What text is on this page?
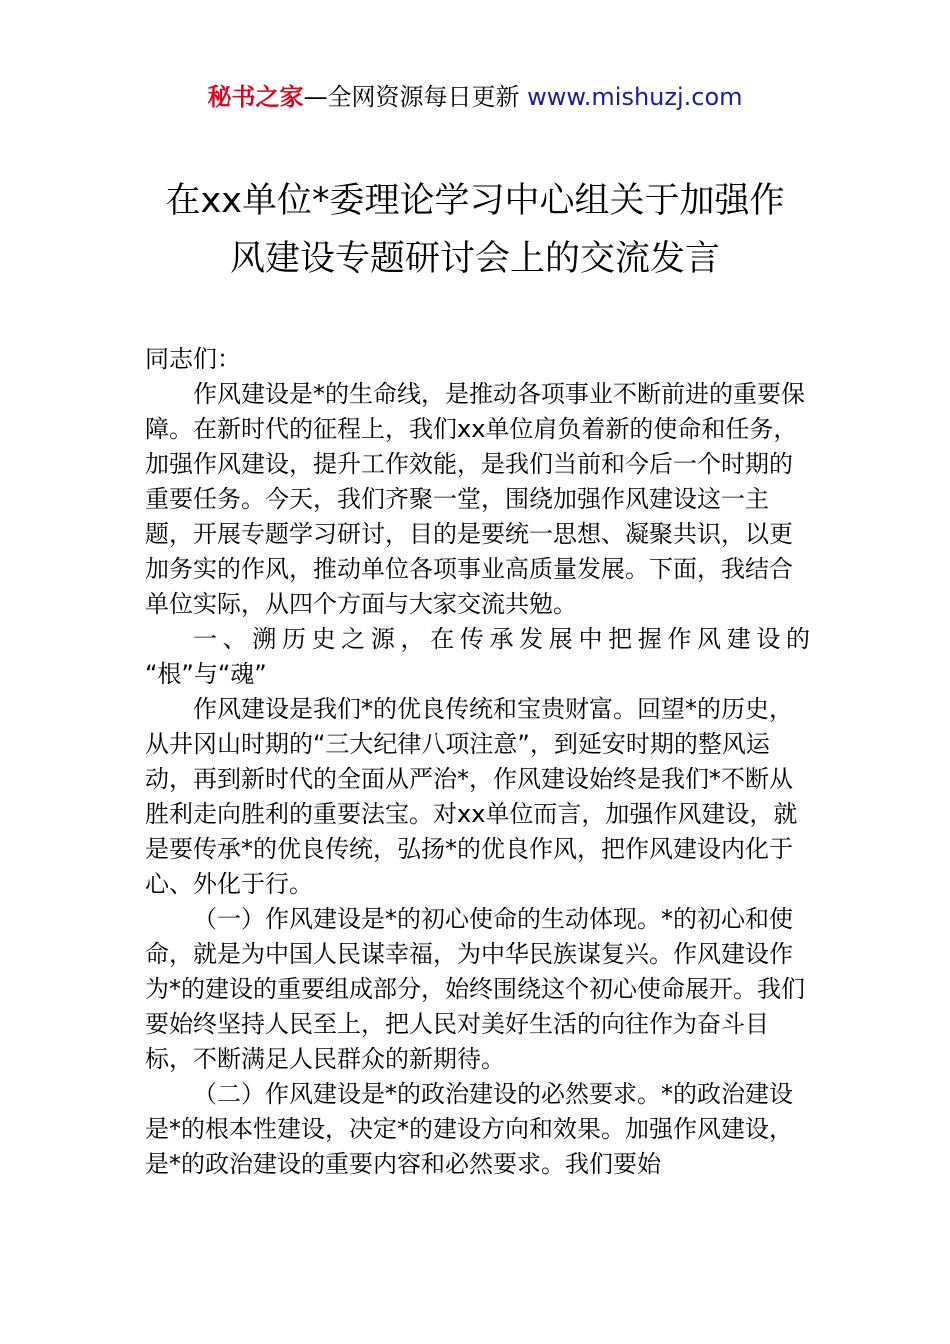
秘书之家—全网资源每日更新 www.mishuzj.com
在xx单位*委理论学习中心组关于加强作
风建设专题研讨会上的交流发言

同志们：

作风建设是*的生命线，是推动各项事业不断前进的重要保障。在新时代的征程上，我们xx单位肩负着新的使命和任务，加强作风建设，提升工作效能，是我们当前和今后一个时期的重要任务。今天，我们齐聚一堂，围绕加强作风建设这一主题，开展专题学习研讨，目的是要统一思想、凝聚共识，以更加务实的作风，推动单位各项事业高质量发展。下面，我结合单位实际，从四个方面与大家交流共勉。

一、溯历史之源，在传承发展中把握作风建设的

“根”与“魂”

作风建设是我们*的优良传统和宝贵财富。回望*的历史，从井冈山时期的“三大纪律八项注意”，到延安时期的整风运动，再到新时代的全面从严治*，作风建设始终是我们*不断从胜利走向胜利的重要法宝。对xx单位而言，加强作风建设，就是要传承*的优良传统，弘扬*的优良作风，把作风建设内化于心、外化于行。

（一）作风建设是*的初心使命的生动体现。*的初心和使命，就是为中国人民谋幸福，为中华民族谋复兴。作风建设作为*的建设的重要组成部分，始终围绕这个初心使命展开。我们要始终坚持人民至上，把人民对美好生活的向往作为奋斗目标，不断满足人民群众的新期待。

（二）作风建设是*的政治建设的必然要求。*的政治建设是*的根本性建设，决定*的建设方向和效果。加强作风建设，是*的政治建设的重要内容和必然要求。我们要始
